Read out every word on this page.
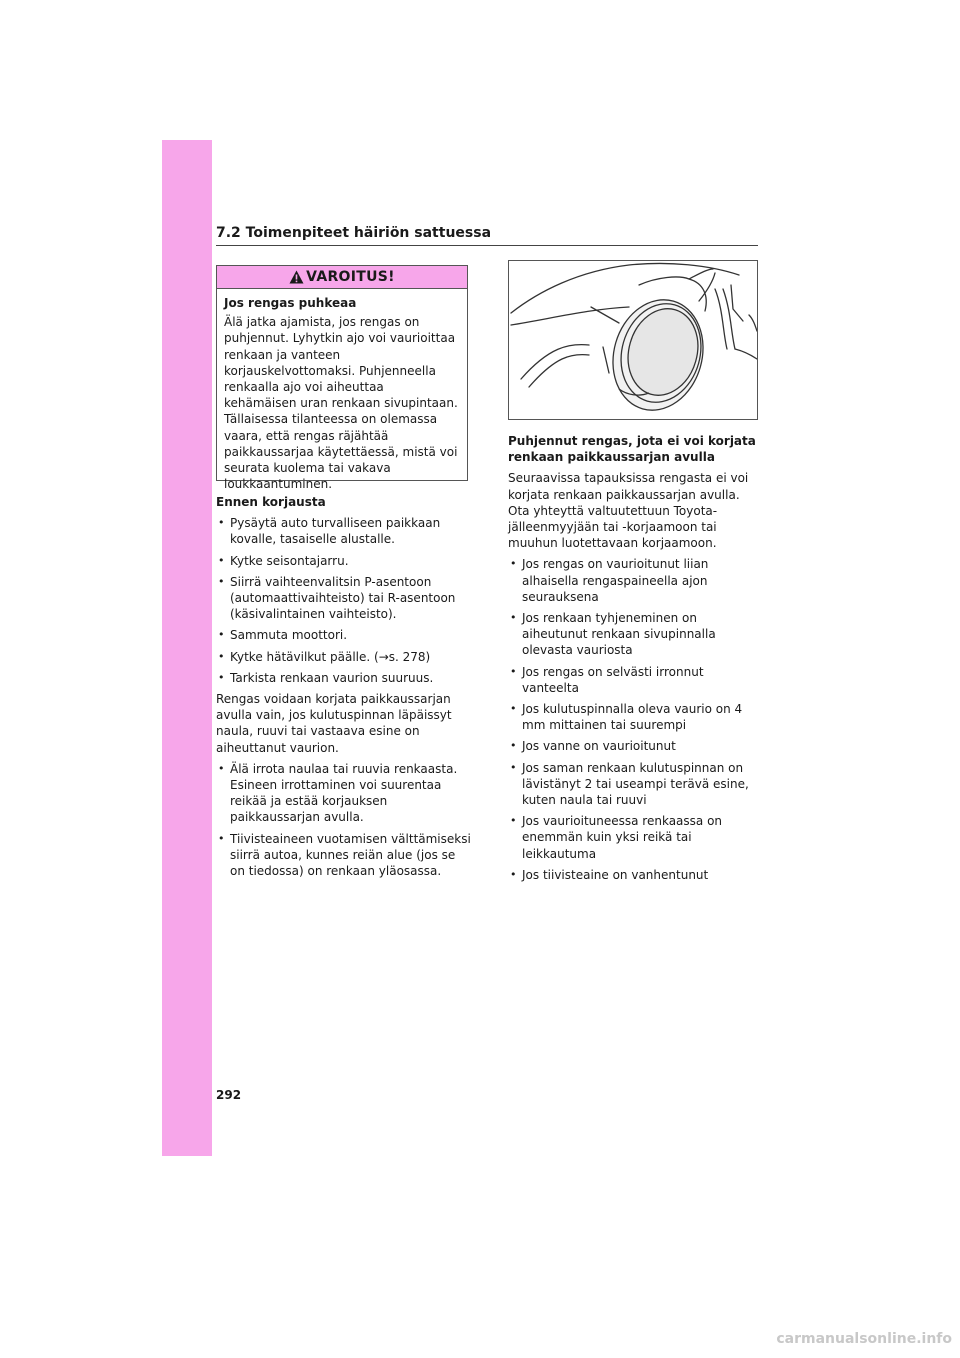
7.2 Toimenpiteet häiriön sattuessa
VAROITUS!
Jos rengas puhkeaa
Älä jatka ajamista, jos rengas on puhjennut. Lyhytkin ajo voi vaurioittaa renkaan ja vanteen korjauskelvottomaksi. Puhjenneella renkaalla ajo voi aiheuttaa kehämäisen uran renkaan sivupintaan. Tällaisessa tilanteessa on olemassa vaara, että rengas räjähtää paikkaussarjaa käytettäessä, mistä voi seurata kuolema tai vakava loukkaantuminen.
Ennen korjausta
• Pysäytä auto turvalliseen paikkaan kovalle, tasaiselle alustalle.
• Kytke seisontajarru.
• Siirrä vaihteenvalitsin P-asentoon (automaattivaihteisto) tai R-asentoon (käsivalintainen vaihteisto).
• Sammuta moottori.
• Kytke hätävilkut päälle. (→s. 278)
• Tarkista renkaan vaurion suuruus.
Rengas voidaan korjata paikkaussarjan avulla vain, jos kulutuspinnan läpäissyt naula, ruuvi tai vastaava esine on aiheuttanut vaurion.
• Älä irrota naulaa tai ruuvia renkaasta. Esineen irrottaminen voi suurentaa reikää ja estää korjauksen paikkaussarjan avulla.
• Tiivisteaineen vuotamisen välttämiseksi siirrä autoa, kunnes reiän alue (jos se on tiedossa) on renkaan yläosassa.
Puhjennut rengas, jota ei voi korjata renkaan paikkaussarjan avulla
Seuraavissa tapauksissa rengasta ei voi korjata renkaan paikkaussarjan avulla. Ota yhteyttä valtuutettuun Toyota-jälleenmyyjään tai -korjaamoon tai muuhun luotettavaan korjaamoon.
• Jos rengas on vaurioitunut liian alhaisella rengaspaineella ajon seurauksena
• Jos renkaan tyhjeneminen on aiheutunut renkaan sivupinnalla olevasta vauriosta
• Jos rengas on selvästi irronnut vanteelta
• Jos kulutuspinnalla oleva vaurio on 4 mm mittainen tai suurempi
• Jos vanne on vaurioitunut
• Jos saman renkaan kulutuspinnan on lävistänyt 2 tai useampi terävä esine, kuten naula tai ruuvi
• Jos vaurioituneessa renkaassa on enemmän kuin yksi reikä tai leikkautuma
• Jos tiivisteaine on vanhentunut
292
carmanualsonline.info
